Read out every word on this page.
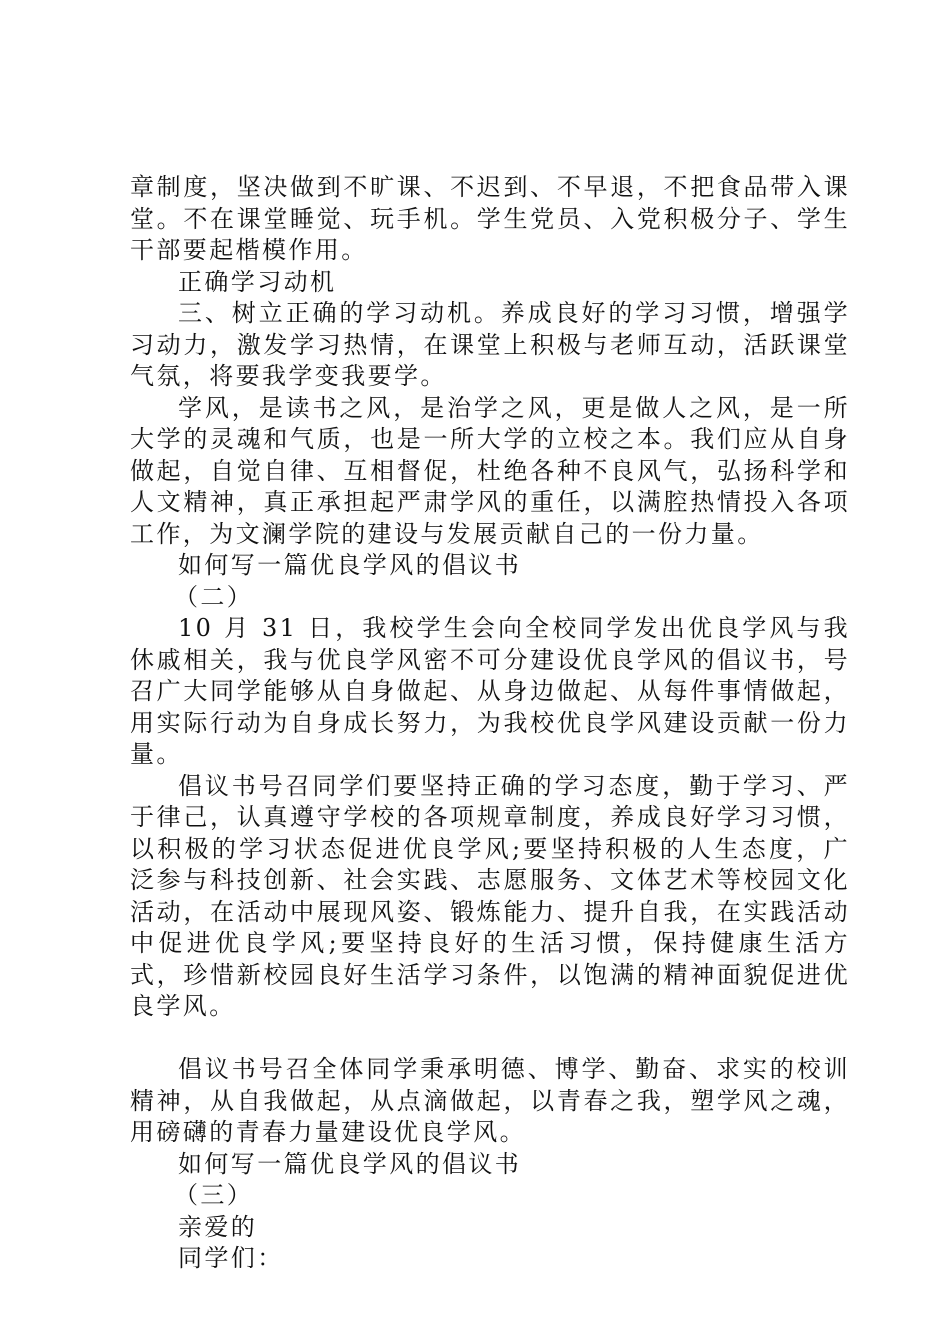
章制度，坚决做到不旷课、不迟到、不早退，不把食品带入课堂。不在课堂睡觉、玩手机。学生党员、入党积极分子、学生干部要起楷模作用。

正确学习动机

三、树立正确的学习动机。养成良好的学习习惯，增强学习动力，激发学习热情，在课堂上积极与老师互动，活跃课堂气氛，将要我学变我要学。

学风，是读书之风，是治学之风，更是做人之风，是一所大学的灵魂和气质，也是一所大学的立校之本。我们应从自身做起，自觉自律、互相督促，杜绝各种不良风气，弘扬科学和人文精神，真正承担起严肃学风的重任，以满腔热情投入各项工作，为文澜学院的建设与发展贡献自己的一份力量。

如何写一篇优良学风的倡议书

（二）

10 月 31 日，我校学生会向全校同学发出优良学风与我休戚相关，我与优良学风密不可分建设优良学风的倡议书，号召广大同学能够从自身做起、从身边做起、从每件事情做起，用实际行动为自身成长努力，为我校优良学风建设贡献一份力量。

倡议书号召同学们要坚持正确的学习态度，勤于学习、严于律己，认真遵守学校的各项规章制度，养成良好学习习惯，以积极的学习状态促进优良学风;要坚持积极的人生态度，广泛参与科技创新、社会实践、志愿服务、文体艺术等校园文化活动，在活动中展现风姿、锻炼能力、提升自我，在实践活动中促进优良学风;要坚持良好的生活习惯，保持健康生活方式，珍惜新校园良好生活学习条件，以饱满的精神面貌促进优良学风。

倡议书号召全体同学秉承明德、博学、勤奋、求实的校训精神，从自我做起，从点滴做起，以青春之我，塑学风之魂，用磅礴的青春力量建设优良学风。

如何写一篇优良学风的倡议书

（三）

亲爱的

同学们：
